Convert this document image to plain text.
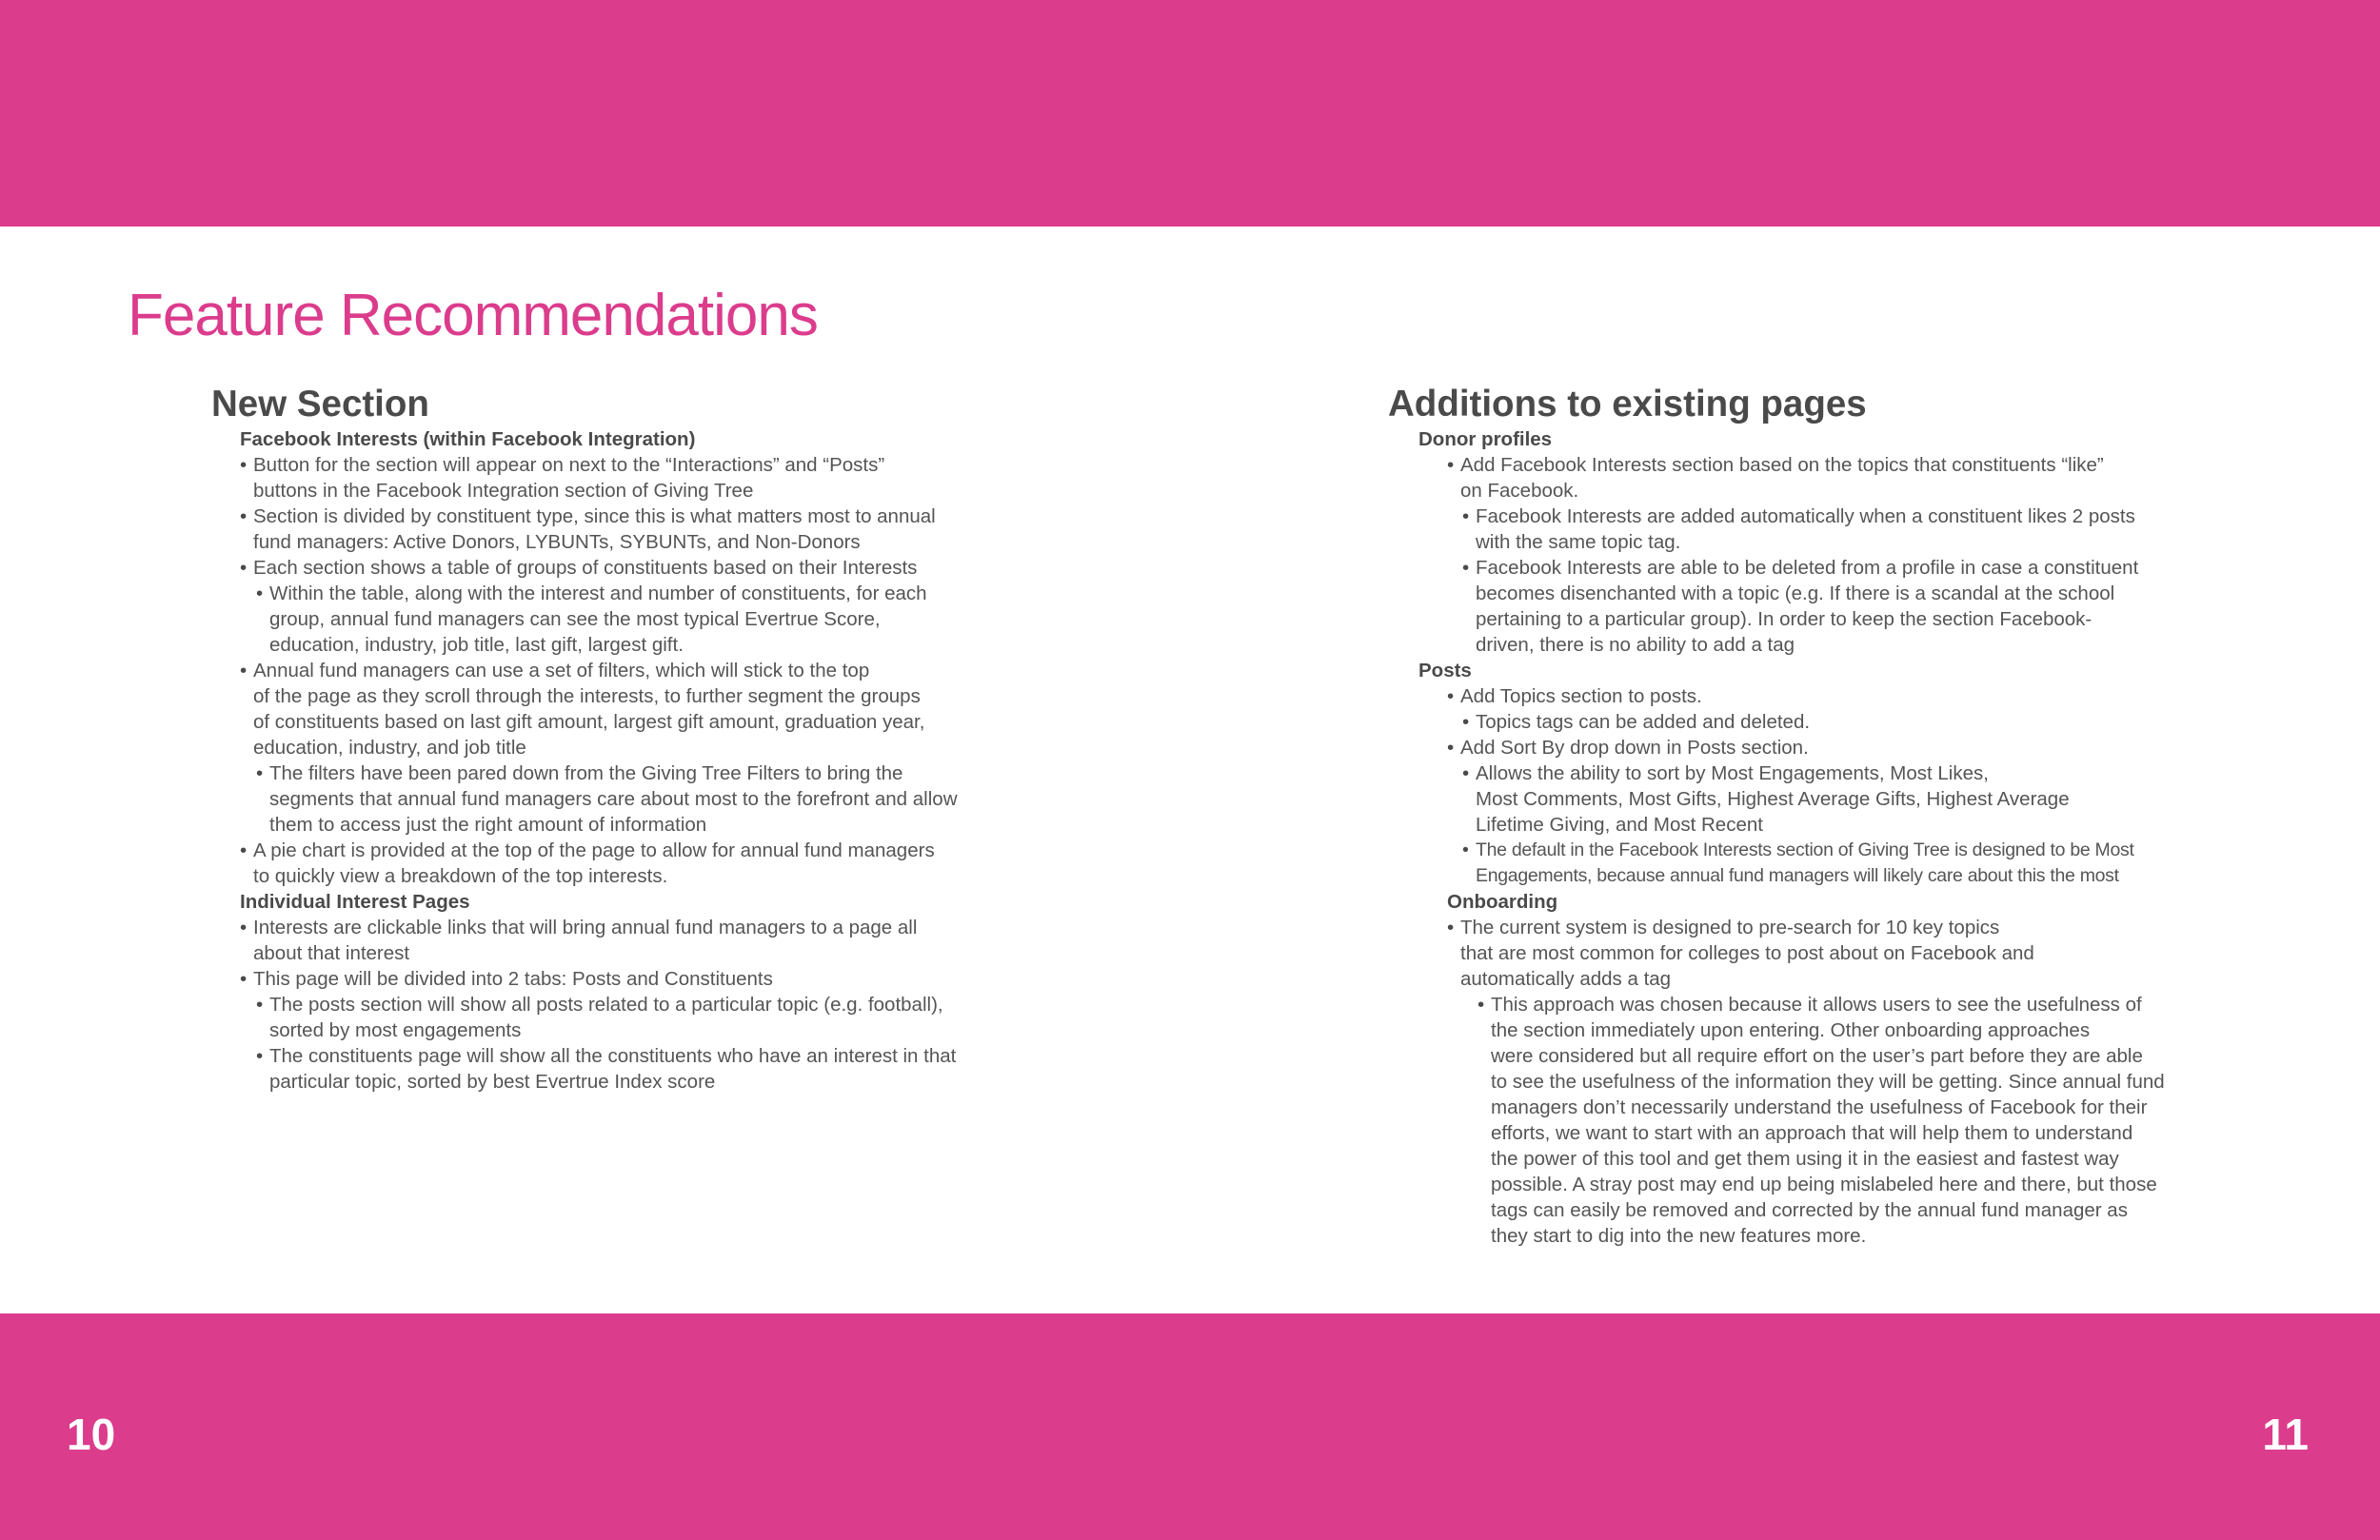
Feature Recommendations
New Section
Facebook Interests (within Facebook Integration)
• Button for the section will appear on next to the “Interactions” and “Posts”
buttons in the Facebook Integration section of Giving Tree
• Section is divided by constituent type, since this is what matters most to annual
fund managers: Active Donors, LYBUNTs, SYBUNTs, and Non-Donors
• Each section shows a table of groups of constituents based on their Interests
• Within the table, along with the interest and number of constituents, for each
group, annual fund managers can see the most typical Evertrue Score,
education, industry, job title, last gift, largest gift.
• Annual fund managers can use a set of filters, which will stick to the top
of the page as they scroll through the interests, to further segment the groups
of constituents based on last gift amount, largest gift amount, graduation year,
education, industry, and job title
• The filters have been pared down from the Giving Tree Filters to bring the
segments that annual fund managers care about most to the forefront and allow
them to access just the right amount of information
• A pie chart is provided at the top of the page to allow for annual fund managers
to quickly view a breakdown of the top interests.
Individual Interest Pages
• Interests are clickable links that will bring annual fund managers to a page all
about that interest
• This page will be divided into 2 tabs: Posts and Constituents
• The posts section will show all posts related to a particular topic (e.g. football),
sorted by most engagements
• The constituents page will show all the constituents who have an interest in that
particular topic, sorted by best Evertrue Index score
Additions to existing pages
Donor profiles
• Add Facebook Interests section based on the topics that constituents “like”
on Facebook.
• Facebook Interests are added automatically when a constituent likes 2 posts
with the same topic tag.
• Facebook Interests are able to be deleted from a profile in case a constituent
becomes disenchanted with a topic (e.g. If there is a scandal at the school
pertaining to a particular group). In order to keep the section Facebook-
driven, there is no ability to add a tag
Posts
• Add Topics section to posts.
• Topics tags can be added and deleted.
• Add Sort By drop down in Posts section.
• Allows the ability to sort by Most Engagements, Most Likes,
Most Comments, Most Gifts, Highest Average Gifts, Highest Average
Lifetime Giving, and Most Recent
• The default in the Facebook Interests section of Giving Tree is designed to be Most
Engagements, because annual fund managers will likely care about this the most
Onboarding
• The current system is designed to pre-search for 10 key topics
that are most common for colleges to post about on Facebook and
automatically adds a tag
• This approach was chosen because it allows users to see the usefulness of
the section immediately upon entering. Other onboarding approaches
were considered but all require effort on the user’s part before they are able
to see the usefulness of the information they will be getting. Since annual fund
managers don’t necessarily understand the usefulness of Facebook for their
efforts, we want to start with an approach that will help them to understand
the power of this tool and get them using it in the easiest and fastest way
possible. A stray post may end up being mislabeled here and there, but those
tags can easily be removed and corrected by the annual fund manager as
they start to dig into the new features more.
10	11
